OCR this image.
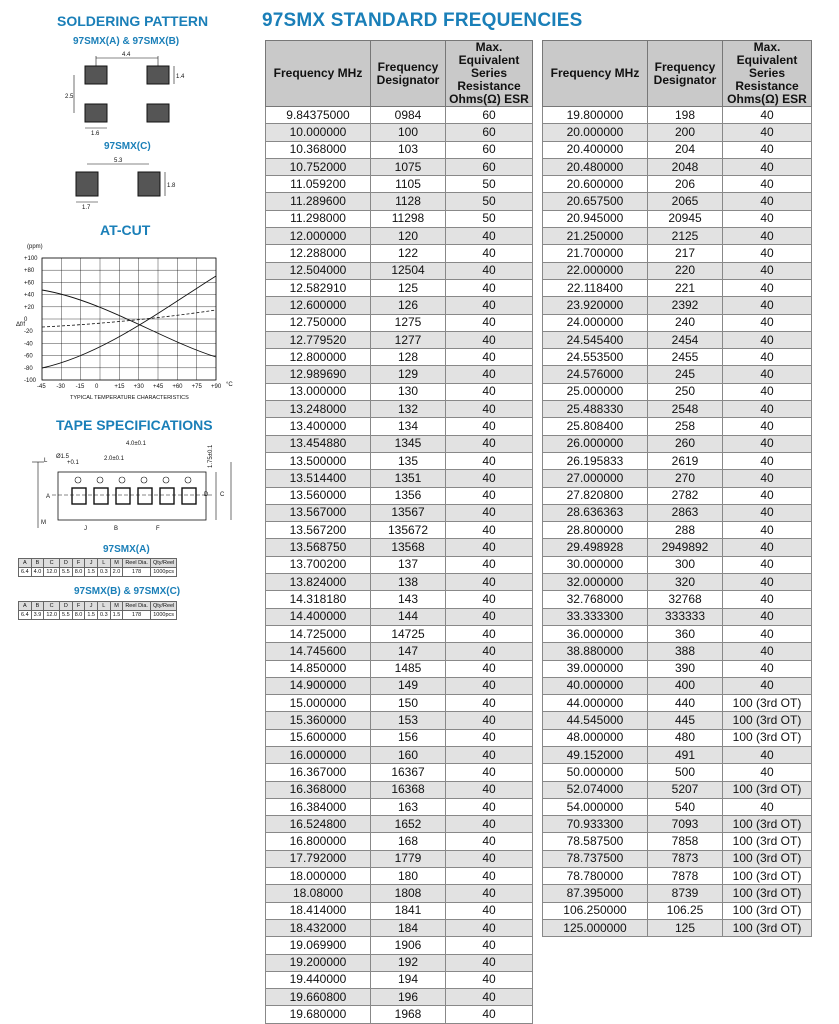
SOLDERING PATTERN
97SMX(A) & 97SMX(B)
4.4
1.4
2.5
1.6
97SMX(C)
5.3
1.8
1.7
AT-CUT
(ppm)
Δf/f
+100
+80
+60
+40
+20
0
-20
-40
-60
-80
-100
-45 -30 -15 0	+15 +30 +45 +60 +75 +90 °C
TYPICAL TEMPERATURE CHARACTERISTICS
TAPE SPECIFICATIONS
4.0±0.1
2.0±0.1
Ø1.5
+0.1	1.75±0.1
L
A
M
B	F
J
D C
97SMX(A)
A	B	C	D	F	J	L	M	Reel Dia.	Qty/Reel
6.4	4.0	12.0	5.5	8.0	1.5	0.3	2.0	178	1000pcs
97SMX(B) & 97SMX(C)
A	B	C	D	F	J	L	M	Reel Dia.	Qty/Reel
6.4	3.9	12.0	5.5	8.0	1.5	0.3	1.5	178	1000pcs
97SMX STANDARD FREQUENCIES
Frequency MHz	Frequency Designator	Max. Equivalent Series Resistance Ohms(Ω) ESR
9.84375000	0984	60
10.000000	100	60
10.368000	103	60
10.752000	1075	60
11.059200	1105	50
11.289600	1128	50
11.298000	11298	50
12.000000	120	40
12.288000	122	40
12.504000	12504	40
12.582910	125	40
12.600000	126	40
12.750000	1275	40
12.779520	1277	40
12.800000	128	40
12.989690	129	40
13.000000	130	40
13.248000	132	40
13.400000	134	40
13.454880	1345	40
13.500000	135	40
13.514400	1351	40
13.560000	1356	40
13.567000	13567	40
13.567200	135672	40
13.568750	13568	40
13.700200	137	40
13.824000	138	40
14.318180	143	40
14.400000	144	40
14.725000	14725	40
14.745600	147	40
14.850000	1485	40
14.900000	149	40
15.000000	150	40
15.360000	153	40
15.600000	156	40
16.000000	160	40
16.367000	16367	40
16.368000	16368	40
16.384000	163	40
16.524800	1652	40
16.800000	168	40
17.792000	1779	40
18.000000	180	40
18.08000	1808	40
18.414000	1841	40
18.432000	184	40
19.069900	1906	40
19.200000	192	40
19.440000	194	40
19.660800	196	40
19.680000	1968	40
Frequency MHz	Frequency Designator	Max. Equivalent Series Resistance Ohms(Ω) ESR
19.800000	198	40
20.000000	200	40
20.400000	204	40
20.480000	2048	40
20.600000	206	40
20.657500	2065	40
20.945000	20945	40
21.250000	2125	40
21.700000	217	40
22.000000	220	40
22.118400	221	40
23.920000	2392	40
24.000000	240	40
24.545400	2454	40
24.553500	2455	40
24.576000	245	40
25.000000	250	40
25.488330	2548	40
25.808400	258	40
26.000000	260	40
26.195833	2619	40
27.000000	270	40
27.820800	2782	40
28.636363	2863	40
28.800000	288	40
29.498928	2949892	40
30.000000	300	40
32.000000	320	40
32.768000	32768	40
33.333300	333333	40
36.000000	360	40
38.880000	388	40
39.000000	390	40
40.000000	400	40
44.000000	440	100 (3rd OT)
44.545000	445	100 (3rd OT)
48.000000	480	100 (3rd OT)
49.152000	491	40
50.000000	500	40
52.074000	5207	100 (3rd OT)
54.000000	540	40
70.933300	7093	100 (3rd OT)
78.587500	7858	100 (3rd OT)
78.737500	7873	100 (3rd OT)
78.780000	7878	100 (3rd OT)
87.395000	8739	100 (3rd OT)
106.250000	106.25	100 (3rd OT)
125.000000	125	100 (3rd OT)
